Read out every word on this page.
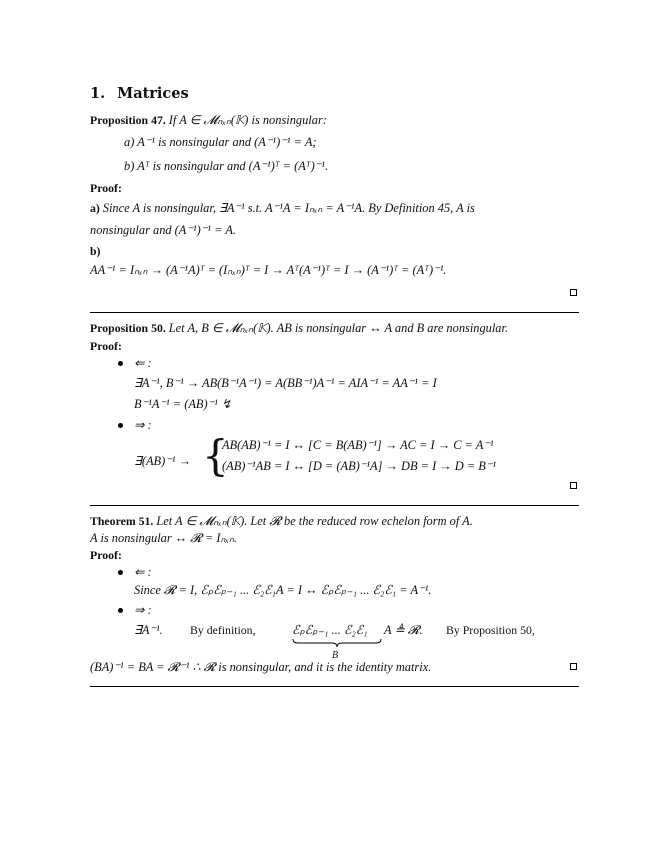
1. Matrices
Proposition 47. If A ∈ 𝓜ₙₓₙ(𝕂) is nonsingular:
a) A⁻¹ is nonsingular and (A⁻¹)⁻¹ = A;
b) Aᵀ is nonsingular and (A⁻¹)ᵀ = (Aᵀ)⁻¹.
Proof:
a) Since A is nonsingular, ∃A⁻¹ s.t. A⁻¹A = Iₙₓₙ = A⁻¹A. By Definition 45, A is
nonsingular and (A⁻¹)⁻¹ = A.
b)
AA⁻¹ = Iₙₓₙ → (A⁻¹A)ᵀ = (Iₙₓₙ)ᵀ = I → Aᵀ(A⁻¹)ᵀ = I → (A⁻¹)ᵀ = (Aᵀ)⁻¹.
Proposition 50. Let A, B ∈ 𝓜ₙₓₙ(𝕂). AB is nonsingular ↔ A and B are nonsingular.
Proof:
⇐ :
∃A⁻¹, B⁻¹ → AB(B⁻¹A⁻¹) = A(BB⁻¹)A⁻¹ = AIA⁻¹ = AA⁻¹ = I
B⁻¹A⁻¹ = (AB)⁻¹ ↯
⇒ :
∃(AB)⁻¹ → {
AB(AB)⁻¹ = I ↔ [C = B(AB)⁻¹] → AC = I → C = A⁻¹
(AB)⁻¹AB = I ↔ [D = (AB)⁻¹A] → DB = I → D = B⁻¹
Theorem 51. Let A ∈ 𝓜ₙₓₙ(𝕂). Let 𝓡 be the reduced row echelon form of A.
A is nonsingular ↔ 𝓡 = Iₙₓₙ.
Proof:
⇐ :
Since 𝓡 = I, ℰₚℰₚ₋₁ ... ℰ₂ℰ₁A = I ↔ ℰₚℰₚ₋₁ ... ℰ₂ℰ₁ = A⁻¹.
⇒ :
∃A⁻¹. By definition,	ℰₚℰₚ₋₁ ... ℰ₂ℰ₁
B
A ≜ 𝓡. By Proposition 50,
(BA)⁻¹ = BA = 𝓡⁻¹ ∴ 𝓡 is nonsingular, and it is the identity matrix.
